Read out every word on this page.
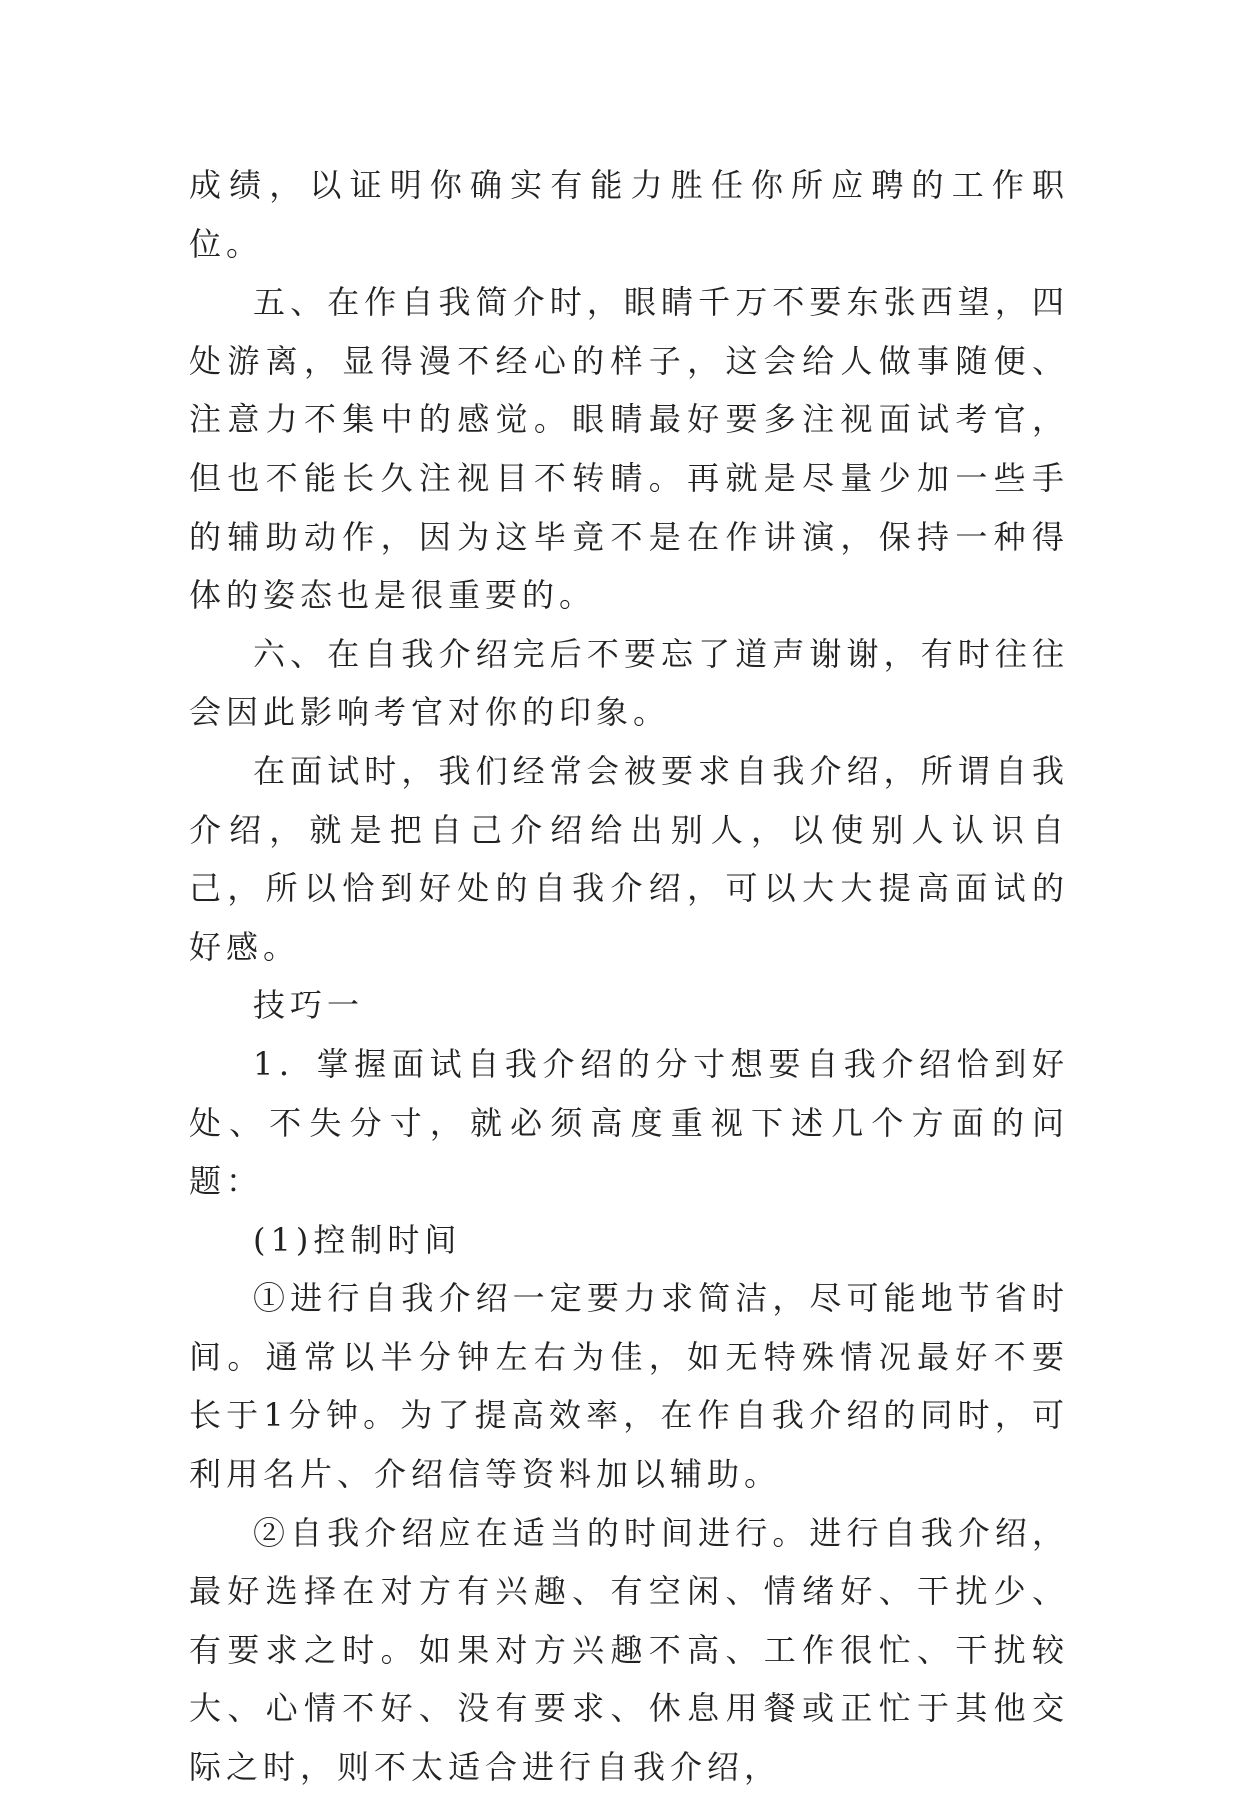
成绩，以证明你确实有能力胜任你所应聘的工作职位。

五、在作自我简介时，眼睛千万不要东张西望，四处游离，显得漫不经心的样子，这会给人做事随便、注意力不集中的感觉。眼睛最好要多注视面试考官，但也不能长久注视目不转睛。再就是尽量少加一些手的辅助动作，因为这毕竟不是在作讲演，保持一种得体的姿态也是很重要的。

六、在自我介绍完后不要忘了道声谢谢，有时往往会因此影响考官对你的印象。

在面试时，我们经常会被要求自我介绍，所谓自我介绍，就是把自己介绍给出别人，以使别人认识自己，所以恰到好处的自我介绍，可以大大提高面试的好感。

技巧一

1．掌握面试自我介绍的分寸想要自我介绍恰到好处、不失分寸，就必须高度重视下述几个方面的问题：

(1)控制时间

①进行自我介绍一定要力求简洁，尽可能地节省时间。通常以半分钟左右为佳，如无特殊情况最好不要长于1分钟。为了提高效率，在作自我介绍的同时，可利用名片、介绍信等资料加以辅助。

②自我介绍应在适当的时间进行。进行自我介绍，最好选择在对方有兴趣、有空闲、情绪好、干扰少、有要求之时。如果对方兴趣不高、工作很忙、干扰较大、心情不好、没有要求、休息用餐或正忙于其他交际之时，则不太适合进行自我介绍，
